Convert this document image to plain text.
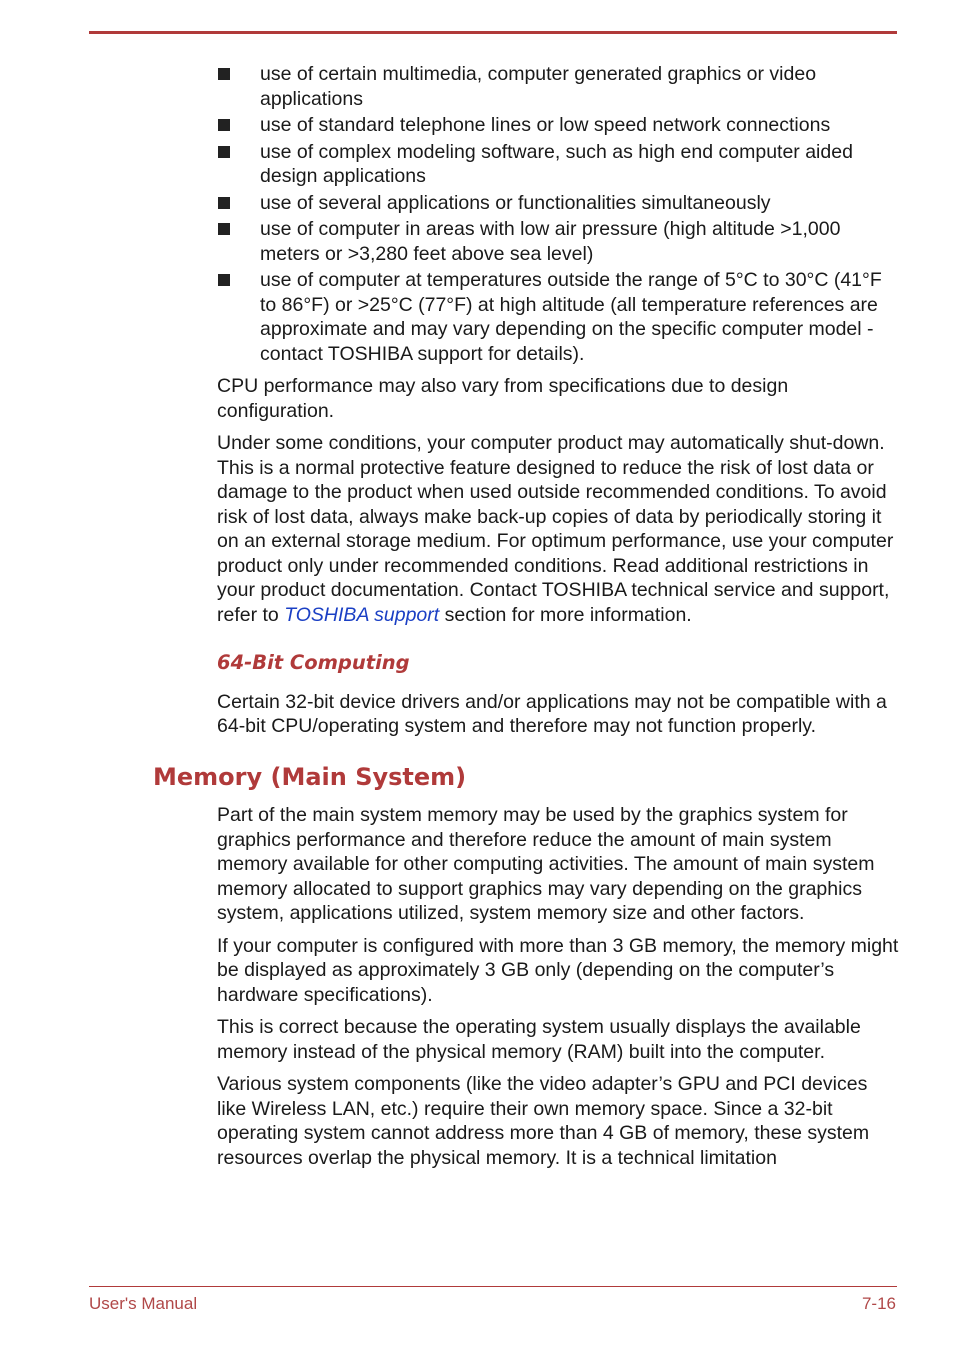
use of certain multimedia, computer generated graphics or video applications
use of standard telephone lines or low speed network connections
use of complex modeling software, such as high end computer aided design applications
use of several applications or functionalities simultaneously
use of computer in areas with low air pressure (high altitude >1,000 meters or >3,280 feet above sea level)
use of computer at temperatures outside the range of 5°C to 30°C (41°F to 86°F) or >25°C (77°F) at high altitude (all temperature references are approximate and may vary depending on the specific computer model - contact TOSHIBA support for details).

CPU performance may also vary from specifications due to design configuration.

Under some conditions, your computer product may automatically shut-down. This is a normal protective feature designed to reduce the risk of lost data or damage to the product when used outside recommended conditions. To avoid risk of lost data, always make back-up copies of data by periodically storing it on an external storage medium. For optimum performance, use your computer product only under recommended conditions. Read additional restrictions in your product documentation. Contact TOSHIBA technical service and support, refer to TOSHIBA support section for more information.

64-Bit Computing

Certain 32-bit device drivers and/or applications may not be compatible with a 64-bit CPU/operating system and therefore may not function properly.

Memory (Main System)

Part of the main system memory may be used by the graphics system for graphics performance and therefore reduce the amount of main system memory available for other computing activities. The amount of main system memory allocated to support graphics may vary depending on the graphics system, applications utilized, system memory size and other factors.

If your computer is configured with more than 3 GB memory, the memory might be displayed as approximately 3 GB only (depending on the computer’s hardware specifications).

This is correct because the operating system usually displays the available memory instead of the physical memory (RAM) built into the computer.

Various system components (like the video adapter’s GPU and PCI devices like Wireless LAN, etc.) require their own memory space. Since a 32-bit operating system cannot address more than 4 GB of memory, these system resources overlap the physical memory. It is a technical limitation

User's Manual	7-16
